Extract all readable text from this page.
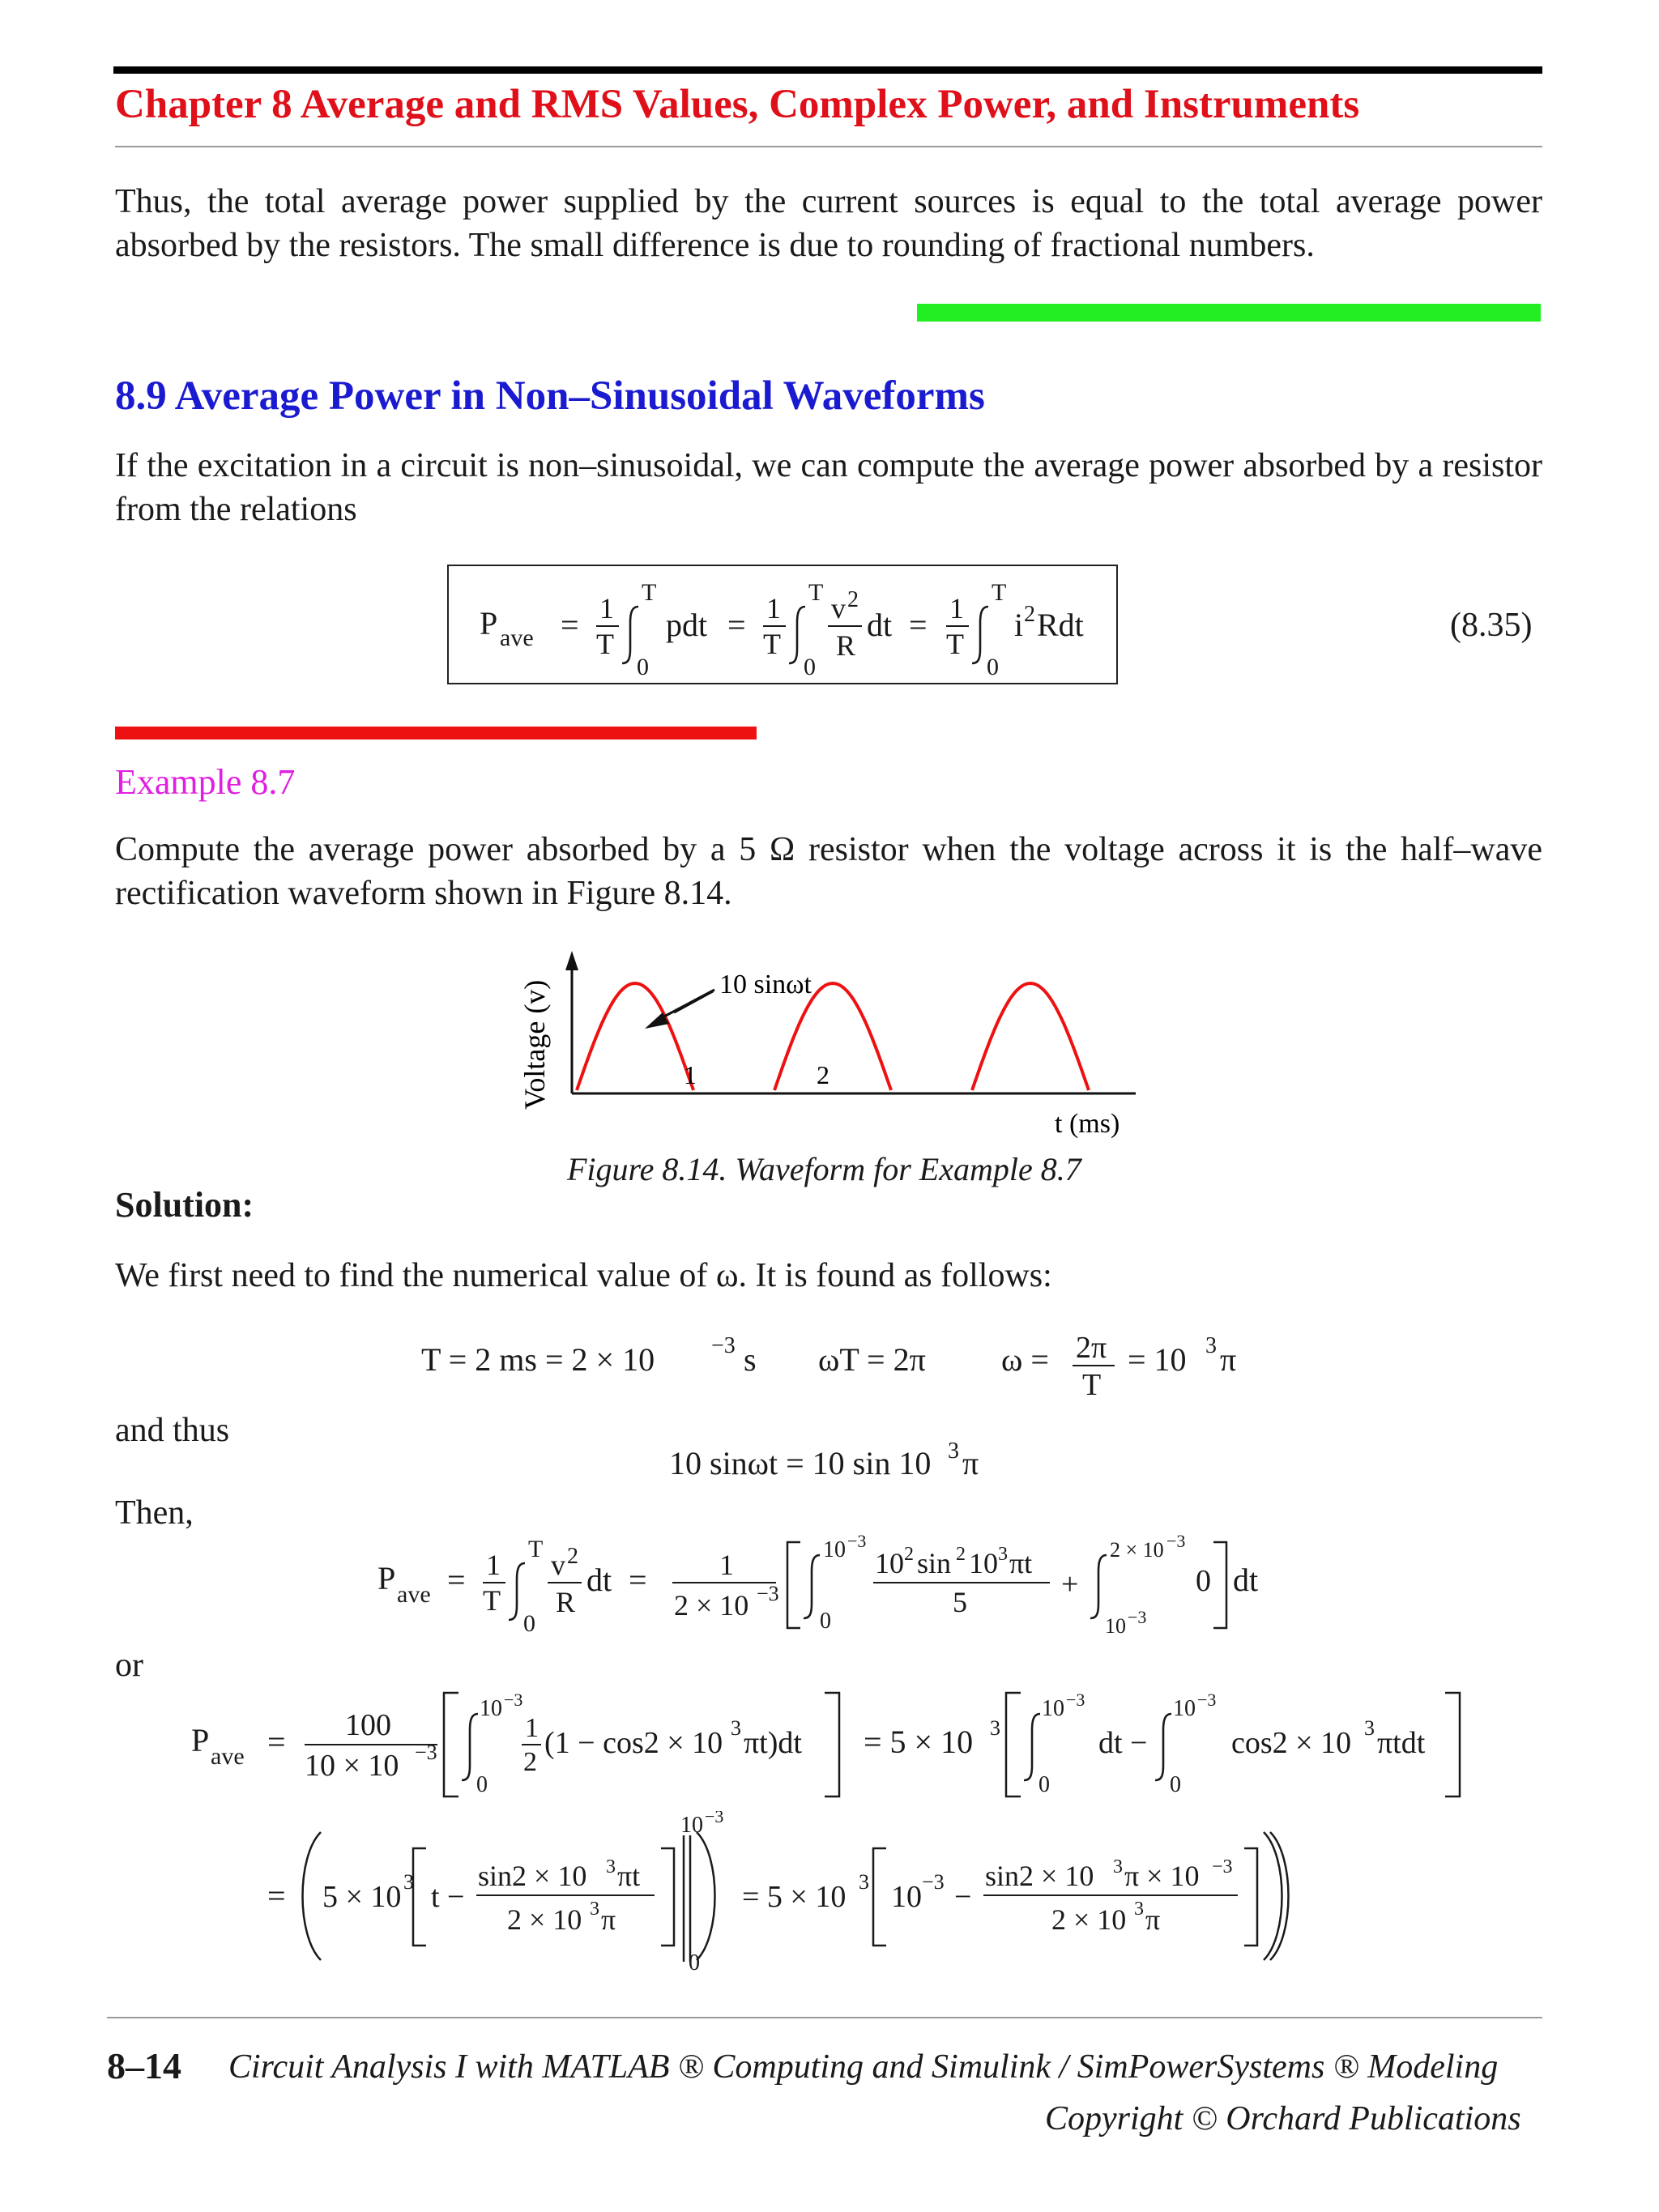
Chapter 8 Average and RMS Values, Complex Power, and Instruments
Thus, the total average power supplied by the current sources is equal to the total average power absorbed by the resistors. The small difference is due to rounding of fractional numbers.
8.9 Average Power in Non–Sinusoidal Waveforms
If the excitation in a circuit is non–sinusoidal, we can compute the average power absorbed by a resistor from the relations
P ave = 1
T
T
0
pdt = 1
T
T
0
v 2
R
dt = 1
T
T
0
i 2 Rdt	(8.35)
Example 8.7
Compute the average power absorbed by a 5 Ω resistor when the voltage across it is the half–wave rectification waveform shown in Figure 8.14.
Voltage (v)	10 sinωt
1	2
t (ms)
Figure 8.14. Waveform for Example 8.7
Solution:
We first need to find the numerical value of ω. It is found as follows:
T = 2 ms = 2 × 10 −3 s ωT = 2π ω = 2π
T
= 10 3 π
and thus
10 sinωt = 10 sin 10 3 π
Then,
P ave = 1
T
T
0
v 2
R
dt = 1
2 × 10 −3
10 −3
0
10 2 sin 2 10 3 πt
5
+
2 × 10 −3
10 −3
0 dt
or
P ave = 100
10 × 10 −3
10 −3
0
1
2
(1 − cos2 × 10 3 πt)dt = 5 × 10 3
10 −3
0
dt −
10 −3
0
cos2 × 10 3 πtdt
= 5 × 10 3 t −
sin2 × 10 3 πt
2 × 10 3 π
10 −3
0
= 5 × 10 3 10 −3 −
sin2 × 10 3 π × 10 −3
2 × 10 3 π
8–14 Circuit Analysis I with MATLAB ® Computing and Simulink / SimPowerSystems ® Modeling
Copyright © Orchard Publications
